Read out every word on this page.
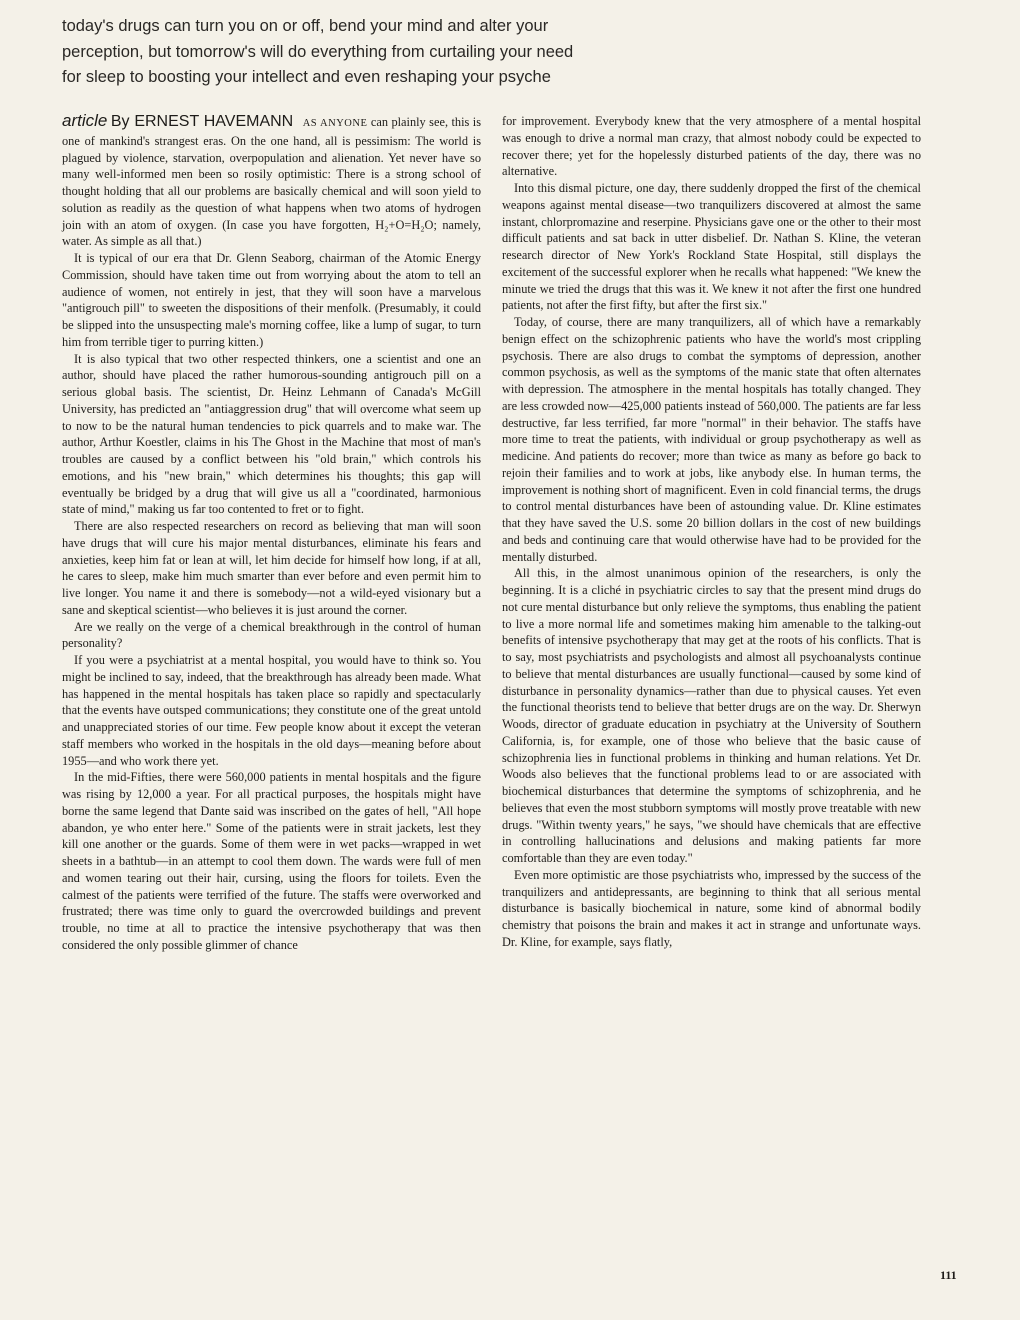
today's drugs can turn you on or off, bend your mind and alter your
perception, but tomorrow's will do everything from curtailing your need
for sleep to boosting your intellect and even reshaping your psyche

article By ERNEST HAVEMANN AS ANYONE can plainly see, this is one of mankind's strangest eras. On the one hand, all is pessimism: The world is plagued by violence, starvation, overpopulation and alienation. Yet never have so many well-informed men been so rosily optimistic: There is a strong school of thought holding that all our problems are basically chemical and will soon yield to solution as readily as the question of what happens when two atoms of hydrogen join with an atom of oxygen. (In case you have forgotten, H₂+O=H₂O; namely, water. As simple as all that.)

It is typical of our era that Dr. Glenn Seaborg, chairman of the Atomic Energy Commission, should have taken time out from worrying about the atom to tell an audience of women, not entirely in jest, that they will soon have a marvelous "antigrouch pill" to sweeten the dispositions of their menfolk. (Presumably, it could be slipped into the unsuspecting male's morning coffee, like a lump of sugar, to turn him from terrible tiger to purring kitten.)

It is also typical that two other respected thinkers, one a scientist and one an author, should have placed the rather humorous-sounding antigrouch pill on a serious global basis. The scientist, Dr. Heinz Lehmann of Canada's McGill University, has predicted an "antiaggression drug" that will overcome what seem up to now to be the natural human tendencies to pick quarrels and to make war. The author, Arthur Koestler, claims in his The Ghost in the Machine that most of man's troubles are caused by a conflict between his "old brain," which controls his emotions, and his "new brain," which determines his thoughts; this gap will eventually be bridged by a drug that will give us all a "coordinated, harmonious state of mind," making us far too contented to fret or to fight.

There are also respected researchers on record as believing that man will soon have drugs that will cure his major mental disturbances, eliminate his fears and anxieties, keep him fat or lean at will, let him decide for himself how long, if at all, he cares to sleep, make him much smarter than ever before and even permit him to live longer. You name it and there is somebody—not a wild-eyed visionary but a sane and skeptical scientist—who believes it is just around the corner.

Are we really on the verge of a chemical breakthrough in the control of human personality?

If you were a psychiatrist at a mental hospital, you would have to think so. You might be inclined to say, indeed, that the breakthrough has already been made. What has happened in the mental hospitals has taken place so rapidly and spectacularly that the events have outsped communications; they constitute one of the great untold and unappreciated stories of our time. Few people know about it except the veteran staff members who worked in the hospitals in the old days—meaning before about 1955—and who work there yet.

In the mid-Fifties, there were 560,000 patients in mental hospitals and the figure was rising by 12,000 a year. For all practical purposes, the hospitals might have borne the same legend that Dante said was inscribed on the gates of hell, "All hope abandon, ye who enter here." Some of the patients were in strait jackets, lest they kill one another or the guards. Some of them were in wet packs—wrapped in wet sheets in a bathtub—in an attempt to cool them down. The wards were full of men and women tearing out their hair, cursing, using the floors for toilets. Even the calmest of the patients were terrified of the future. The staffs were overworked and frustrated; there was time only to guard the overcrowded buildings and prevent trouble, no time at all to practice the intensive psychotherapy that was then considered the only possible glimmer of chance

for improvement. Everybody knew that the very atmosphere of a mental hospital was enough to drive a normal man crazy, that almost nobody could be expected to recover there; yet for the hopelessly disturbed patients of the day, there was no alternative.

Into this dismal picture, one day, there suddenly dropped the first of the chemical weapons against mental disease—two tranquilizers discovered at almost the same instant, chlorpromazine and reserpine. Physicians gave one or the other to their most difficult patients and sat back in utter disbelief. Dr. Nathan S. Kline, the veteran research director of New York's Rockland State Hospital, still displays the excitement of the successful explorer when he recalls what happened: "We knew the minute we tried the drugs that this was it. We knew it not after the first one hundred patients, not after the first fifty, but after the first six."

Today, of course, there are many tranquilizers, all of which have a remarkably benign effect on the schizophrenic patients who have the world's most crippling psychosis. There are also drugs to combat the symptoms of depression, another common psychosis, as well as the symptoms of the manic state that often alternates with depression. The atmosphere in the mental hospitals has totally changed. They are less crowded now—425,000 patients instead of 560,000. The patients are far less destructive, far less terrified, far more "normal" in their behavior. The staffs have more time to treat the patients, with individual or group psychotherapy as well as medicine. And patients do recover; more than twice as many as before go back to rejoin their families and to work at jobs, like anybody else. In human terms, the improvement is nothing short of magnificent. Even in cold financial terms, the drugs to control mental disturbances have been of astounding value. Dr. Kline estimates that they have saved the U.S. some 20 billion dollars in the cost of new buildings and beds and continuing care that would otherwise have had to be provided for the mentally disturbed.

All this, in the almost unanimous opinion of the researchers, is only the beginning. It is a cliché in psychiatric circles to say that the present mind drugs do not cure mental disturbance but only relieve the symptoms, thus enabling the patient to live a more normal life and sometimes making him amenable to the talking-out benefits of intensive psychotherapy that may get at the roots of his conflicts. That is to say, most psychiatrists and psychologists and almost all psychoanalysts continue to believe that mental disturbances are usually functional—caused by some kind of disturbance in personality dynamics—rather than due to physical causes. Yet even the functional theorists tend to believe that better drugs are on the way. Dr. Sherwyn Woods, director of graduate education in psychiatry at the University of Southern California, is, for example, one of those who believe that the basic cause of schizophrenia lies in functional problems in thinking and human relations. Yet Dr. Woods also believes that the functional problems lead to or are associated with biochemical disturbances that determine the symptoms of schizophrenia, and he believes that even the most stubborn symptoms will mostly prove treatable with new drugs. "Within twenty years," he says, "we should have chemicals that are effective in controlling hallucinations and delusions and making patients far more comfortable than they are even today."

Even more optimistic are those psychiatrists who, impressed by the success of the tranquilizers and antidepressants, are beginning to think that all serious mental disturbance is basically biochemical in nature, some kind of abnormal bodily chemistry that poisons the brain and makes it act in strange and unfortunate ways. Dr. Kline, for example, says flatly,

111
